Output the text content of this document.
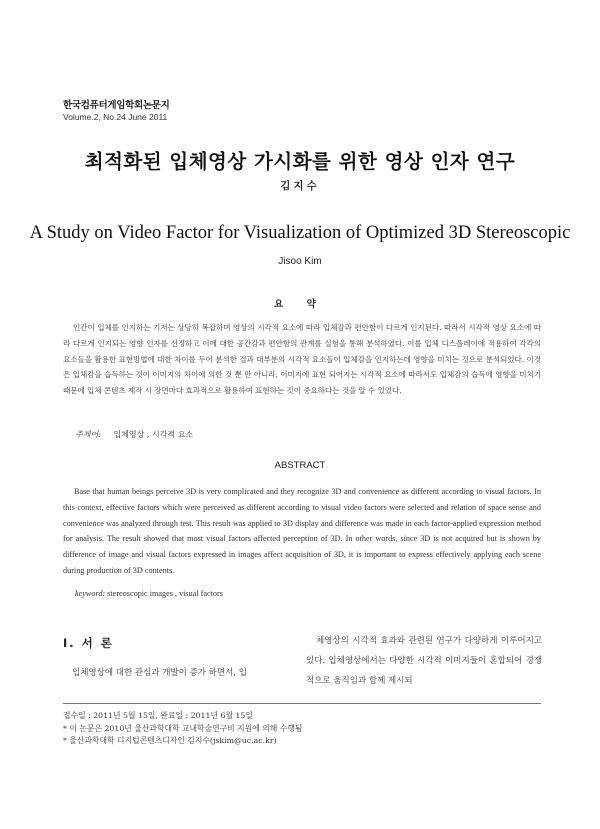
한국컴퓨터게임학회논문지
Volume.2, No.24 June 2011
최적화된 입체영상 가시화를 위한 영상 인자 연구
김지수
A Study on Video Factor for Visualization of Optimized 3D Stereoscopic
Jisoo Kim
요 약
인간이 입체를 인지하는 기저는 상당히 복잡하며 영상의 시각적 요소에 따라 입체감과 편안함이 다르게 인지된다. 따라서 시각적 영상 요소에 따라 다르게 인지되는 영향 인자를 선정하고 이에 대한 공간감과 편안함의 관계를 실험을 통해 분석하였다. 이를 입체 디스플레이에 적용하여 각각의 요소들을 활용한 표현방법에 대한 차이를 두어 분석한 결과 대부분의 시각적 요소들이 입체감을 인지하는데 영향을 미치는 것으로 분석되었다. 이것은 입체감을 습득하는 것이 이미지의 차이에 의한 것 뿐 만 아니라, 이미지에 표현 되어지는 시각적 요소에 따라서도 입체감의 습득에 영향을 미치기 때문에 입체 콘텐츠 제작 시 장면마다 효과적으로 활용하여 표현하는 것이 중요하다는 것을 알 수 있었다.
주제어: 입체영상 , 시각적 요소
ABSTRACT
Base that human beings perceive 3D is very complicated and they recognize 3D and convenience as different according to visual factors. In this context, effective factors which were perceived as different according to visual video factors were selected and relation of space sense and convenience was analyzed through test. This result was applied to 3D display and difference was made in each factor-applied expression method for analysis. The result showed that most visual factors affected perception of 3D. In other words, since 3D is not acquired but is shown by difference of image and visual factors expressed in images affect acquisition of 3D, it is important to express effectively applying each scene during production of 3D contents.
keyword: stereoscopic images , visual factors
Ⅰ. 서 론
입체영상에 대한 관심과 개발이 증가 하면서, 입
체영상의 시각적 효과와 관련된 연구가 다양하게 이루어지고 있다. 입체영상에서는 다양한 시각적 이미지들이 혼합되어 경쟁적으로 움직임과 함께 제시되
접수일 : 2011년 5월 15일, 완료일 : 2011년 6월 15일
* 이 논문은 2010년 울산과학대학 교내학술연구비 지원에 의해 수행됨
* 울산과학대학 디지털콘텐츠디자인 김지수(jskim@uc.ac.kr)
